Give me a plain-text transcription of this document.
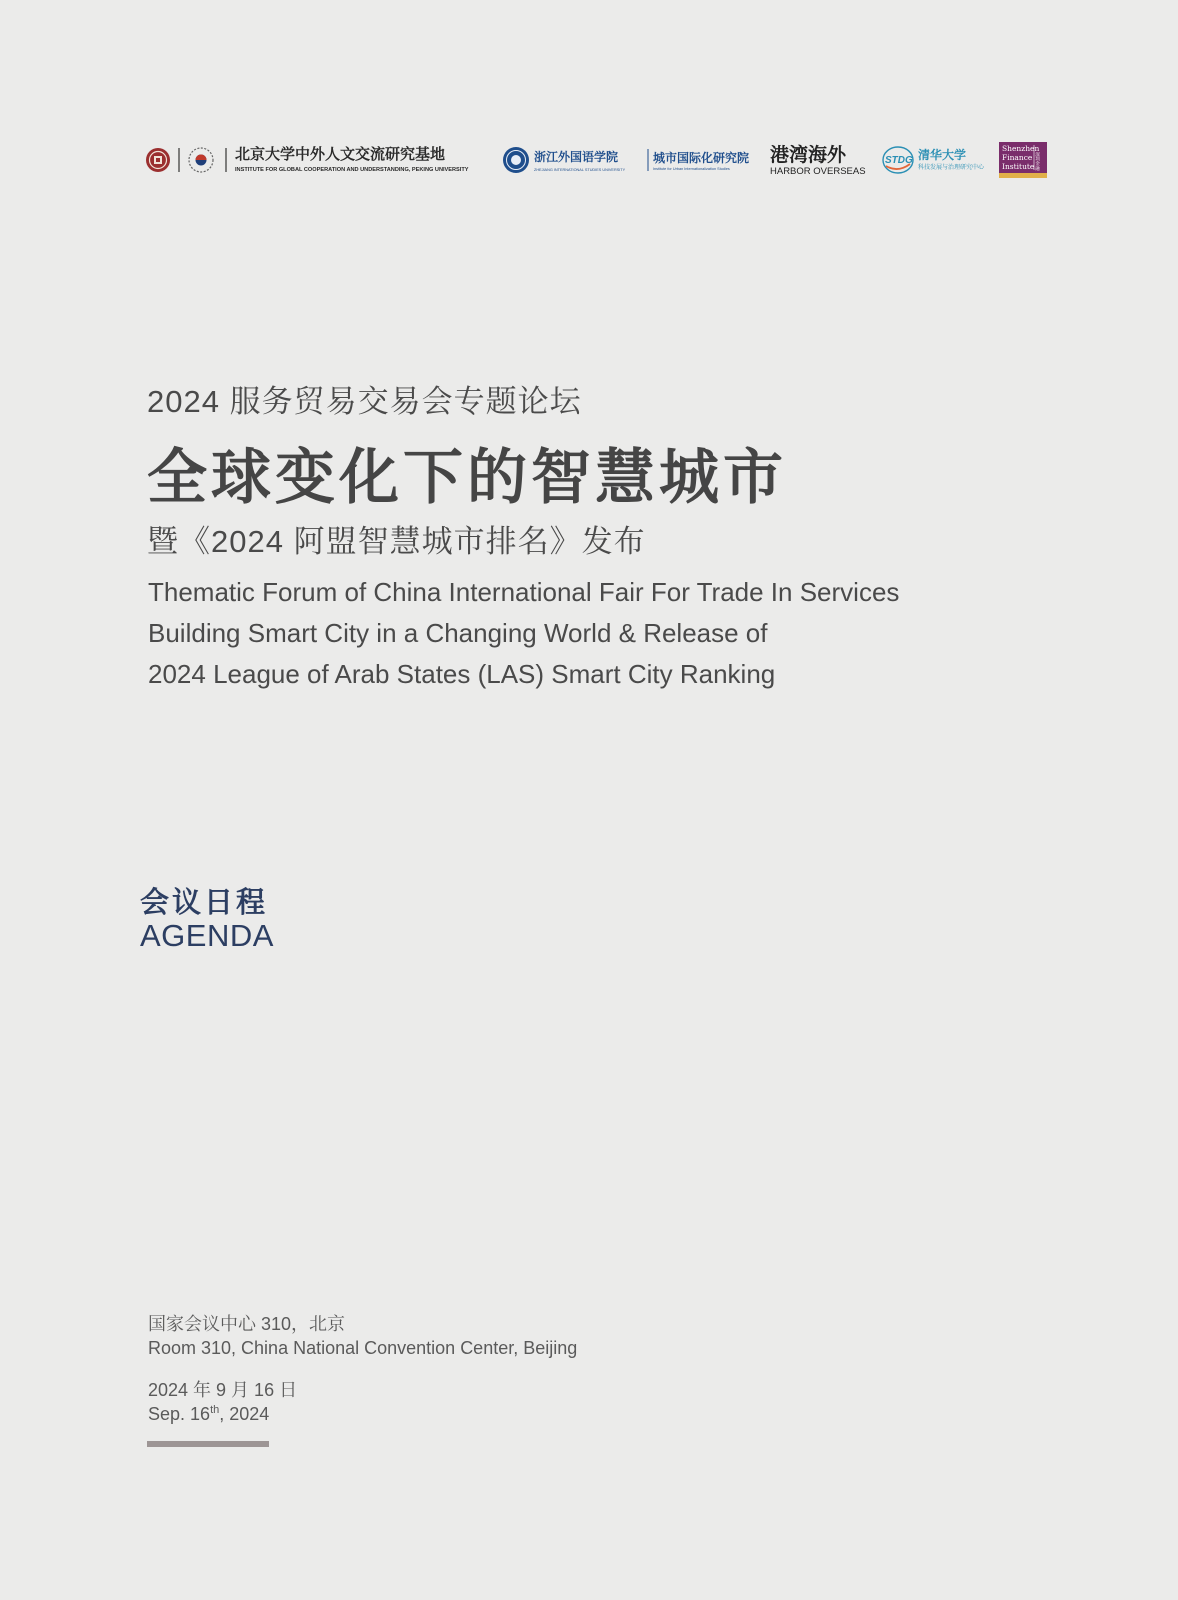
北京大学中外人文交流研究基地
INSTITUTE FOR GLOBAL COOPERATION AND UNDERSTANDING, PEKING UNIVERSITY
浙江外国语学院
ZHEJIANG INTERNATIONAL STUDIES UNIVERSITY
城市国际化研究院
Institute for Urban Internationalization Studies
港湾海外
HARBOR OVERSEAS
STDG 清华大学
科技发展与治理研究中心
Shenzhen
Finance
Institute 深圳金融
2024 服务贸易交易会专题论坛
全球变化下的智慧城市
暨《2024 阿盟智慧城市排名》发布
Thematic Forum of China International Fair For Trade In Services
Building Smart City in a Changing World & Release of
2024 League of Arab States (LAS) Smart City Ranking
会议日程
AGENDA
国家会议中心 310，北京
Room 310, China National Convention Center, Beijing
2024 年 9 月 16 日
Sep. 16th, 2024
